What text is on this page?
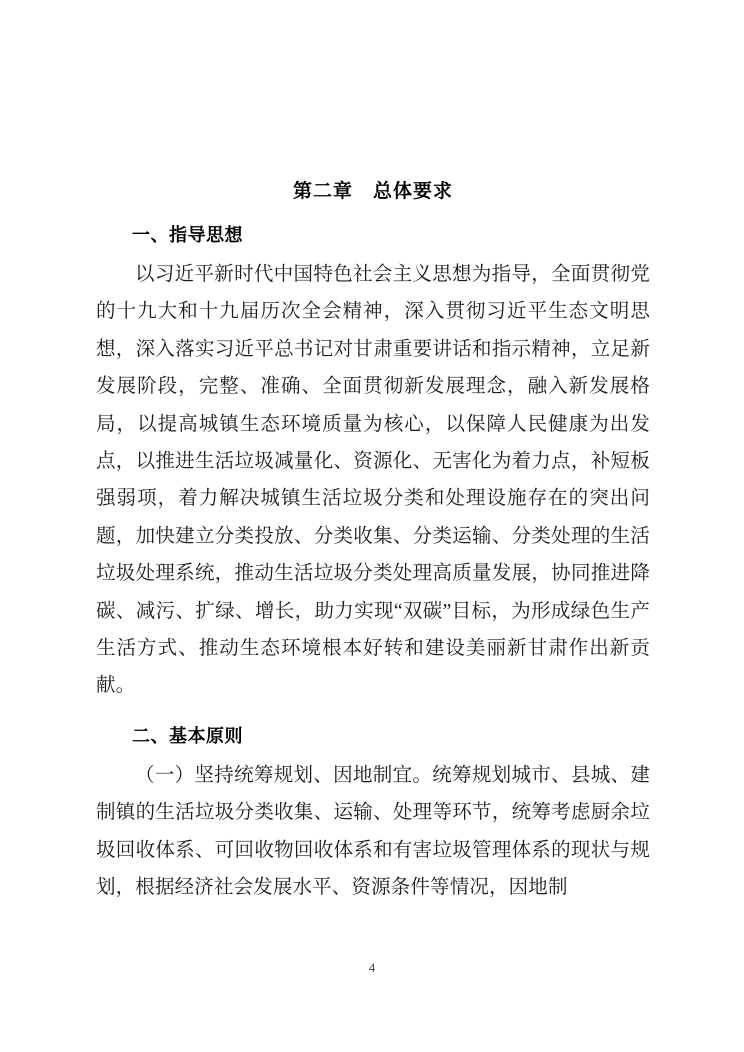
第二章　总体要求
一、指导思想

以习近平新时代中国特色社会主义思想为指导，全面贯彻党的十九大和十九届历次全会精神，深入贯彻习近平生态文明思想，深入落实习近平总书记对甘肃重要讲话和指示精神，立足新发展阶段，完整、准确、全面贯彻新发展理念，融入新发展格局，以提高城镇生态环境质量为核心，以保障人民健康为出发点，以推进生活垃圾减量化、资源化、无害化为着力点，补短板强弱项，着力解决城镇生活垃圾分类和处理设施存在的突出问题，加快建立分类投放、分类收集、分类运输、分类处理的生活垃圾处理系统，推动生活垃圾分类处理高质量发展，协同推进降碳、减污、扩绿、增长，助力实现“双碳”目标，为形成绿色生产生活方式、推动生态环境根本好转和建设美丽新甘肃作出新贡献。

二、基本原则

（一）坚持统筹规划、因地制宜。统筹规划城市、县城、建制镇的生活垃圾分类收集、运输、处理等环节，统筹考虑厨余垃圾回收体系、可回收物回收体系和有害垃圾管理体系的现状与规划，根据经济社会发展水平、资源条件等情况，因地制

4
